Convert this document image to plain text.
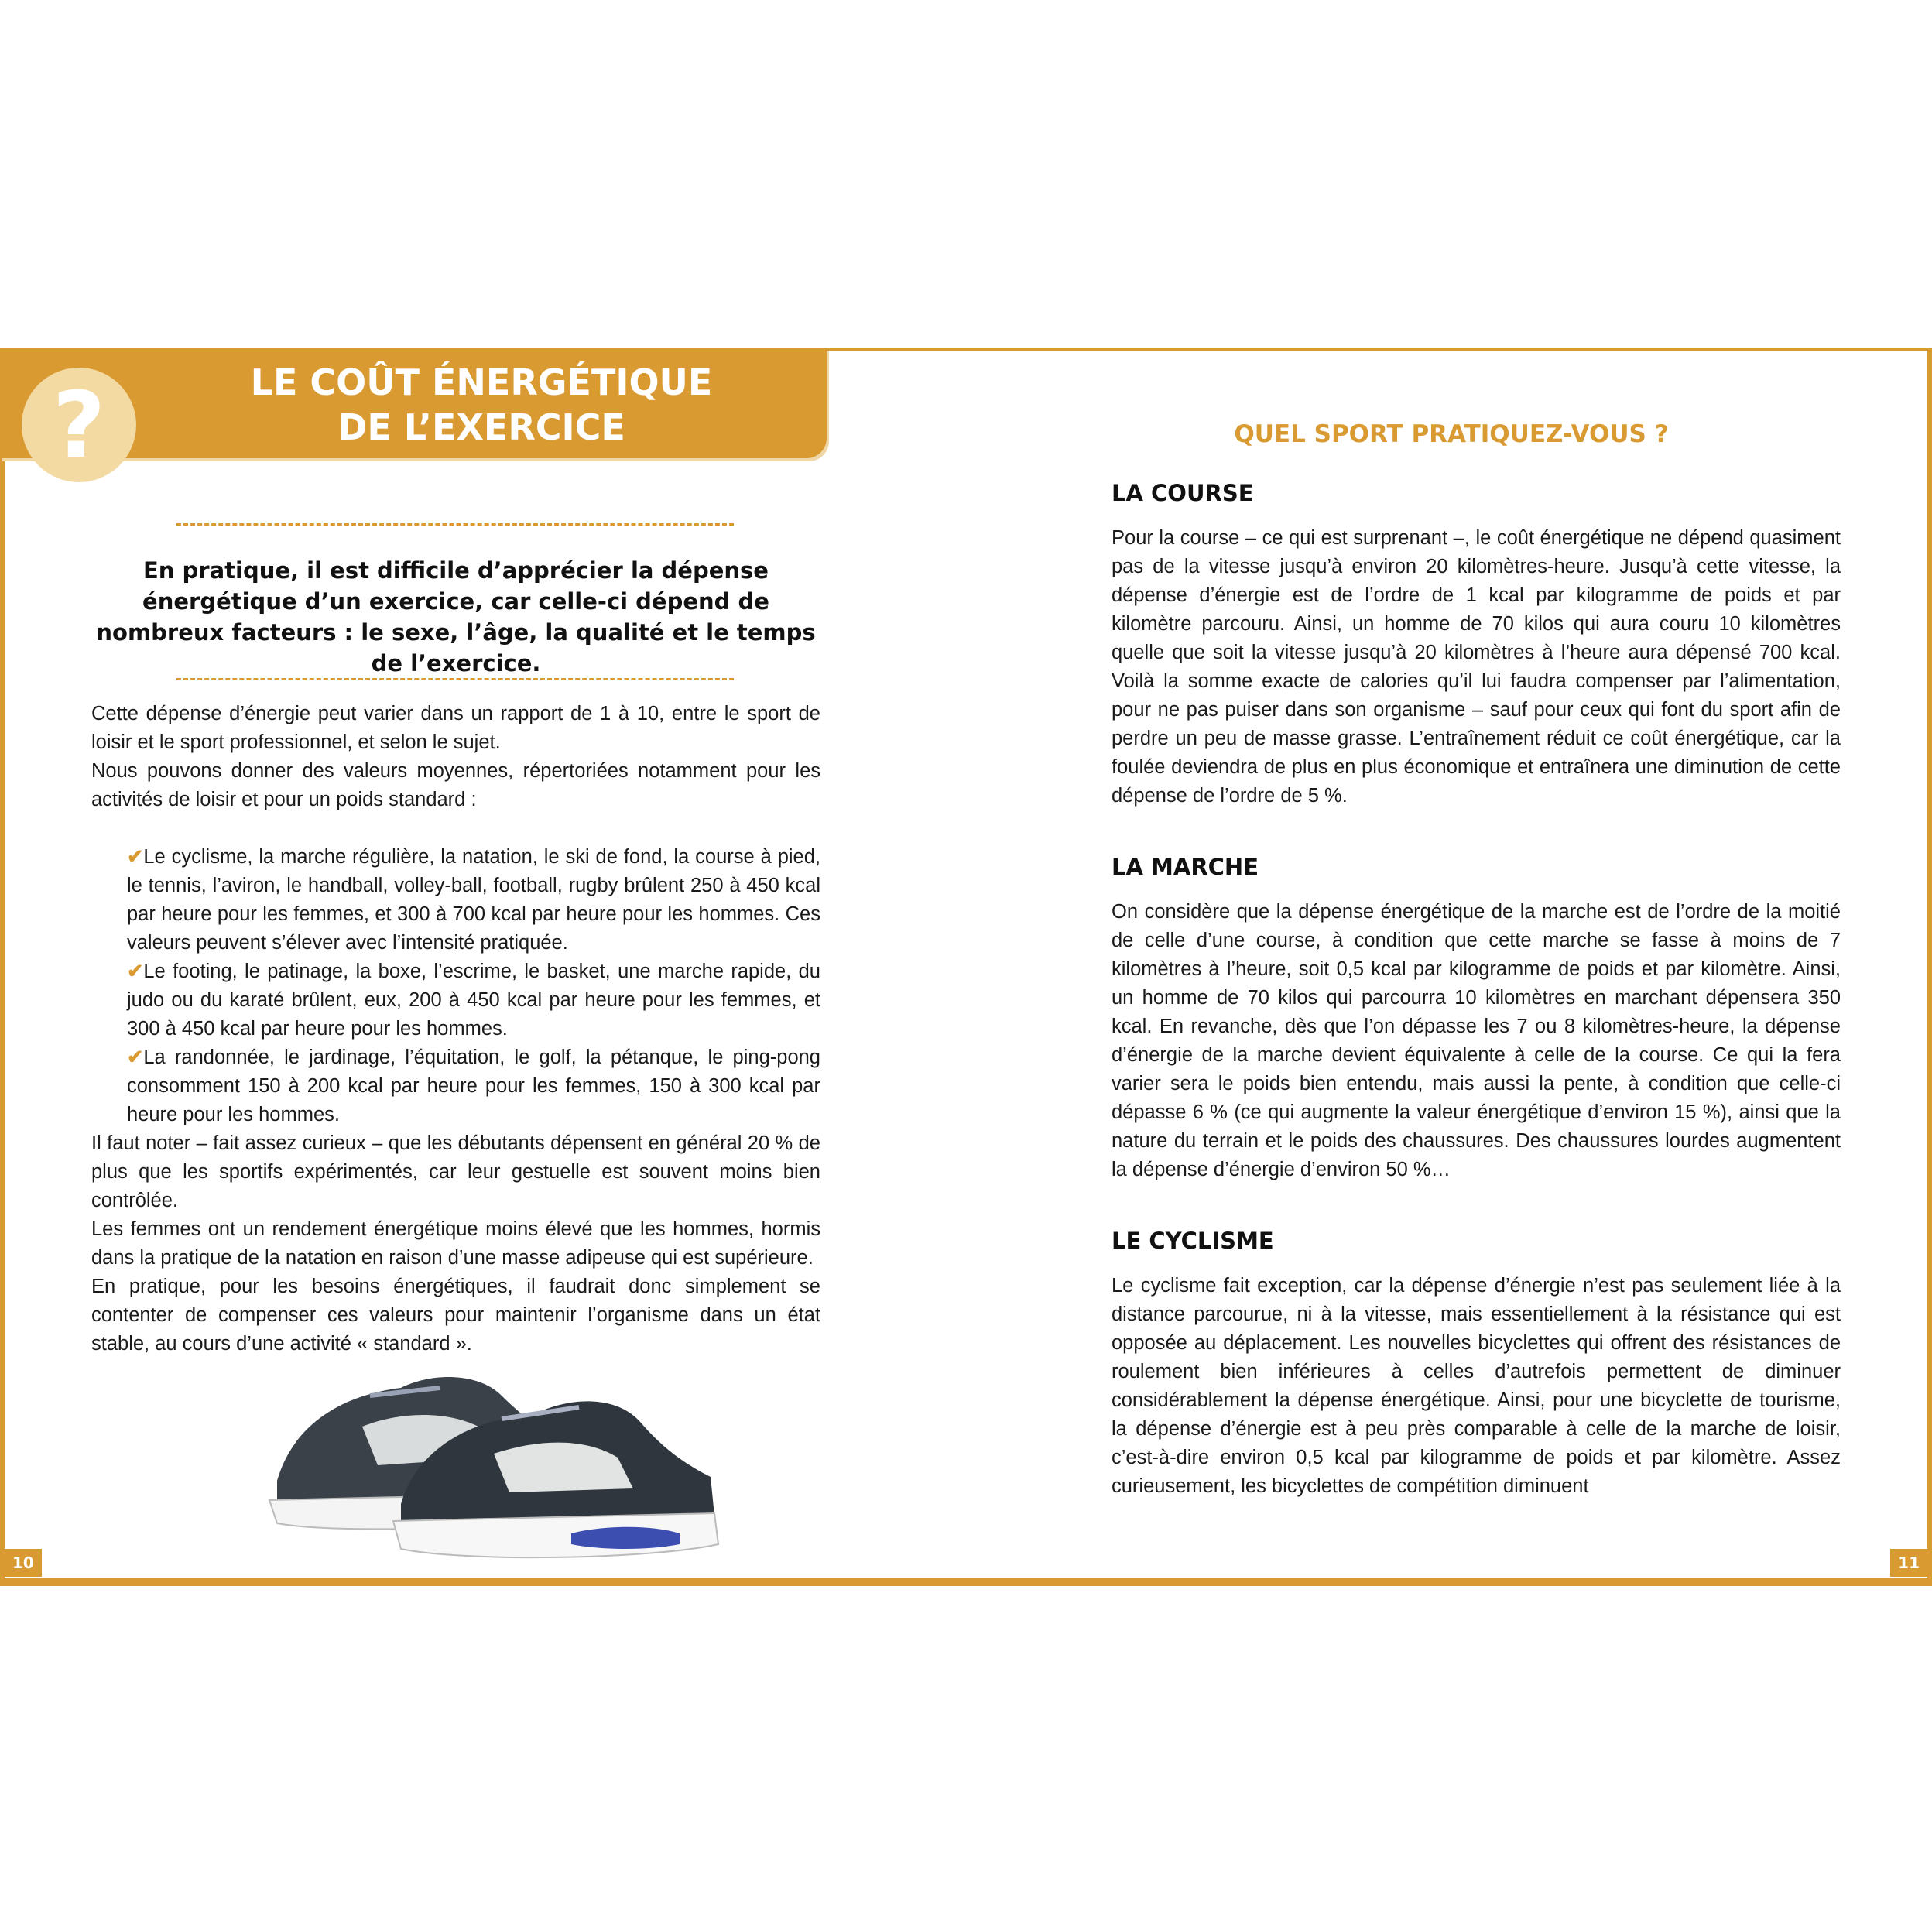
?	LE COÛT ÉNERGÉTIQUE
DE L’EXERCICE
En pratique, il est difficile d’apprécier la dépense énergétique d’un exercice, car celle-ci dépend de nombreux facteurs : le sexe, l’âge, la qualité et le temps de l’exercice.

Cette dépense d’énergie peut varier dans un rapport de 1 à 10, entre le sport de loisir et le sport professionnel, et selon le sujet.

Nous pouvons donner des valeurs moyennes, répertoriées notamment pour les activités de loisir et pour un poids standard :

✔Le cyclisme, la marche régulière, la natation, le ski de fond, la course à pied, le tennis, l’aviron, le handball, volley-ball, football, rugby brûlent 250 à 450 kcal par heure pour les femmes, et 300 à 700 kcal par heure pour les hommes. Ces valeurs peuvent s’élever avec l’intensité pratiquée.

✔Le footing, le patinage, la boxe, l’escrime, le basket, une marche rapide, du judo ou du karaté brûlent, eux, 200 à 450 kcal par heure pour les femmes, et 300 à 450 kcal par heure pour les hommes.

✔La randonnée, le jardinage, l’équitation, le golf, la pétanque, le ping-pong consomment 150 à 200 kcal par heure pour les femmes, 150 à 300 kcal par heure pour les hommes.

Il faut noter – fait assez curieux – que les débutants dépensent en général 20 % de plus que les sportifs expérimentés, car leur gestuelle est souvent moins bien contrôlée.

Les femmes ont un rendement énergétique moins élevé que les hommes, hormis dans la pratique de la natation en raison d’une masse adipeuse qui est supérieure.

En pratique, pour les besoins énergétiques, il faudrait donc simplement se contenter de compenser ces valeurs pour maintenir l’organisme dans un état stable, au cours d’une activité « standard ».

10
QUEL SPORT PRATIQUEZ-VOUS ?
LA COURSE
Pour la course – ce qui est surprenant –, le coût énergétique ne dépend quasiment pas de la vitesse jusqu’à environ 20 kilomètres-heure. Jusqu’à cette vitesse, la dépense d’énergie est de l’ordre de 1 kcal par kilogramme de poids et par kilomètre parcouru. Ainsi, un homme de 70 kilos qui aura couru 10 kilomètres quelle que soit la vitesse jusqu’à 20 kilomètres à l’heure aura dépensé 700 kcal. Voilà la somme exacte de calories qu’il lui faudra compenser par l’alimentation, pour ne pas puiser dans son organisme – sauf pour ceux qui font du sport afin de perdre un peu de masse grasse. L’entraînement réduit ce coût énergétique, car la foulée deviendra de plus en plus économique et entraînera une diminution de cette dépense de l’ordre de 5 %.
LA MARCHE
On considère que la dépense énergétique de la marche est de l’ordre de la moitié de celle d’une course, à condition que cette marche se fasse à moins de 7 kilomètres à l’heure, soit 0,5 kcal par kilogramme de poids et par kilomètre. Ainsi, un homme de 70 kilos qui parcourra 10 kilomètres en marchant dépensera 350 kcal. En revanche, dès que l’on dépasse les 7 ou 8 kilomètres-heure, la dépense d’énergie de la marche devient équivalente à celle de la course. Ce qui la fera varier sera le poids bien entendu, mais aussi la pente, à condition que celle-ci dépasse 6 % (ce qui augmente la valeur énergétique d’environ 15 %), ainsi que la nature du terrain et le poids des chaussures. Des chaussures lourdes augmentent la dépense d’énergie d’environ 50 %…
LE CYCLISME
Le cyclisme fait exception, car la dépense d’énergie n’est pas seulement liée à la distance parcourue, ni à la vitesse, mais essentiellement à la résistance qui est opposée au déplacement. Les nouvelles bicyclettes qui offrent des résistances de roulement bien inférieures à celles d’autrefois permettent de diminuer considérablement la dépense énergétique. Ainsi, pour une bicyclette de tourisme, la dépense d’énergie est à peu près comparable à celle de la marche de loisir, c’est-à-dire environ 0,5 kcal par kilogramme de poids et par kilomètre. Assez curieusement, les bicyclettes de compétition diminuent
11
